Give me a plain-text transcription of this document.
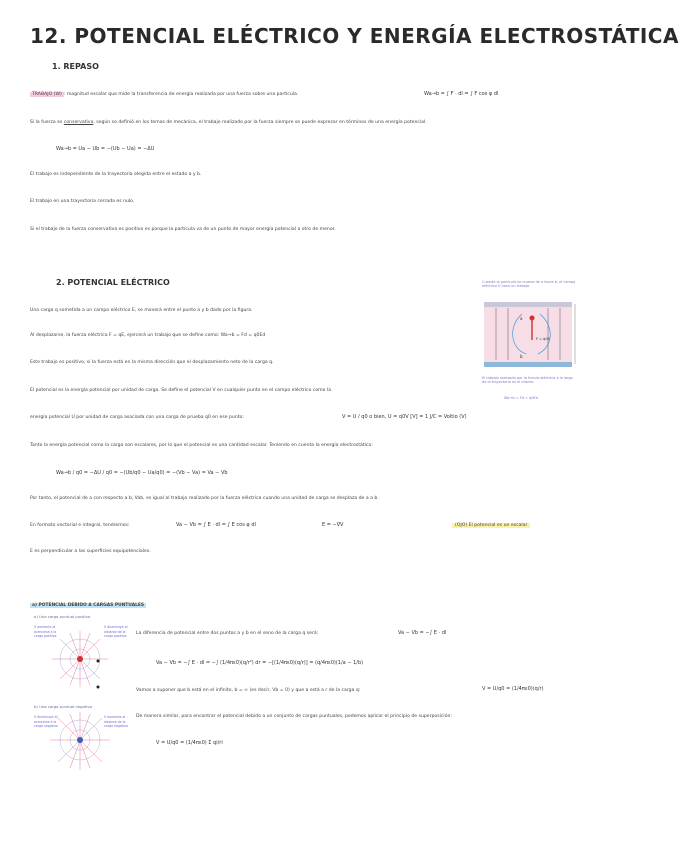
12. POTENCIAL ELÉCTRICO Y ENERGÍA ELECTROSTÁTICA
1. REPASO
TRABAJO (W) : magnitud escalar que mide la transferencia de energía realizada por una fuerza sobre una partícula.	Wa→b = ∫ F · dl = ∫ F cos φ dl
Si la fuerza es conservativa, según se definió en los temas de mecánica, el trabajo realizado por la fuerza siempre se puede expresar en términos de una energía potencial.
Wa→b = Ua − Ub = −(Ub − Ua) = −ΔU
El trabajo es independiente de la trayectoria elegida entre el estado a y b.
El trabajo en una trayectoria cerrada es nulo.
Si el trabajo de la fuerza conservativa es positivo es porque la partícula va de un punto de mayor energía potencial a otro de menor.
2. POTENCIAL ELÉCTRICO
Una carga q sometida a un campo eléctrico E, se moverá entre el punto a y b dado por la figura.
Al desplazarse, la fuerza eléctrica F = qE, ejercerá un trabajo que se define como: Wa→b = Fd = q0Ed
Este trabajo es positivo, si la fuerza está en la misma dirección que el desplazamiento neto de la carga q.
El potencial es la energía potencial por unidad de carga. Se define el potencial V en cualquier punto en el campo eléctrico como la
energía potencial U por unidad de carga asociada con una carga de prueba q0 en ese punto:	V = U / q0 o bien, U = q0V [V] = 1 J/C = Voltio (V)
Tanto la energía potencial como la carga son escalares, por lo que el potencial es una cantidad escalar. Teniendo en cuenta la energía electrostática:
Wa→b / q0 = −ΔU / q0 = −(Ub/q0 − Ua/q0) = −(Vb − Va) = Va − Vb
Por tanto, el potencial de a con respecto a b, Vab, es igual al trabajo realizado por la fuerza eléctrica cuando una unidad de carga se desplaza de a a b.
En formato vectorial e integral, tendremos:	Va − Vb = ∫ E · dl = ∫ E cos φ dl	E = −∇V	(OJO) El potencial es un escalar
E es perpendicular a las superficies equipotenciales.
Cuando la partícula se mueve de a hacia b, el campo eléctrico E hace un trabajo.
a
b
F = q0E
El trabajo realizado por la fuerza eléctrica a lo largo de la trayectoria es el mismo.
Wa→b = Fd = q0Ed
a) POTENCIAL DEBIDO A CARGAS PUNTUALES
a) Una carga puntual positiva
V aumenta al acercarse a la carga positiva
V disminuye al alejarse de la carga positiva
b) Una carga puntual negativa
V disminuye al acercarse a la carga negativa
V aumenta al alejarse de la carga negativa
La diferencia de potencial entre dos puntos a y b en el seno de la carga q será:	Va − Vb = −∫ E · dl
Va − Vb = −∫ E · dl = −∫ (1/4πε0)(q/r²) dr = −[(1/4πε0)(q/r)] = (q/4πε0)(1/a − 1/b)
Vamos a suponer que b está en el infinito, b = ∞ (es decir, Vb = 0) y que a está a r de la carga q:	V = U/q0 = (1/4πε0)(q/r)
De manera similar, para encontrar el potencial debido a un conjunto de cargas puntuales, podemos aplicar el principio de superposición:
V = U/q0 = (1/4πε0) Σ qi/ri
